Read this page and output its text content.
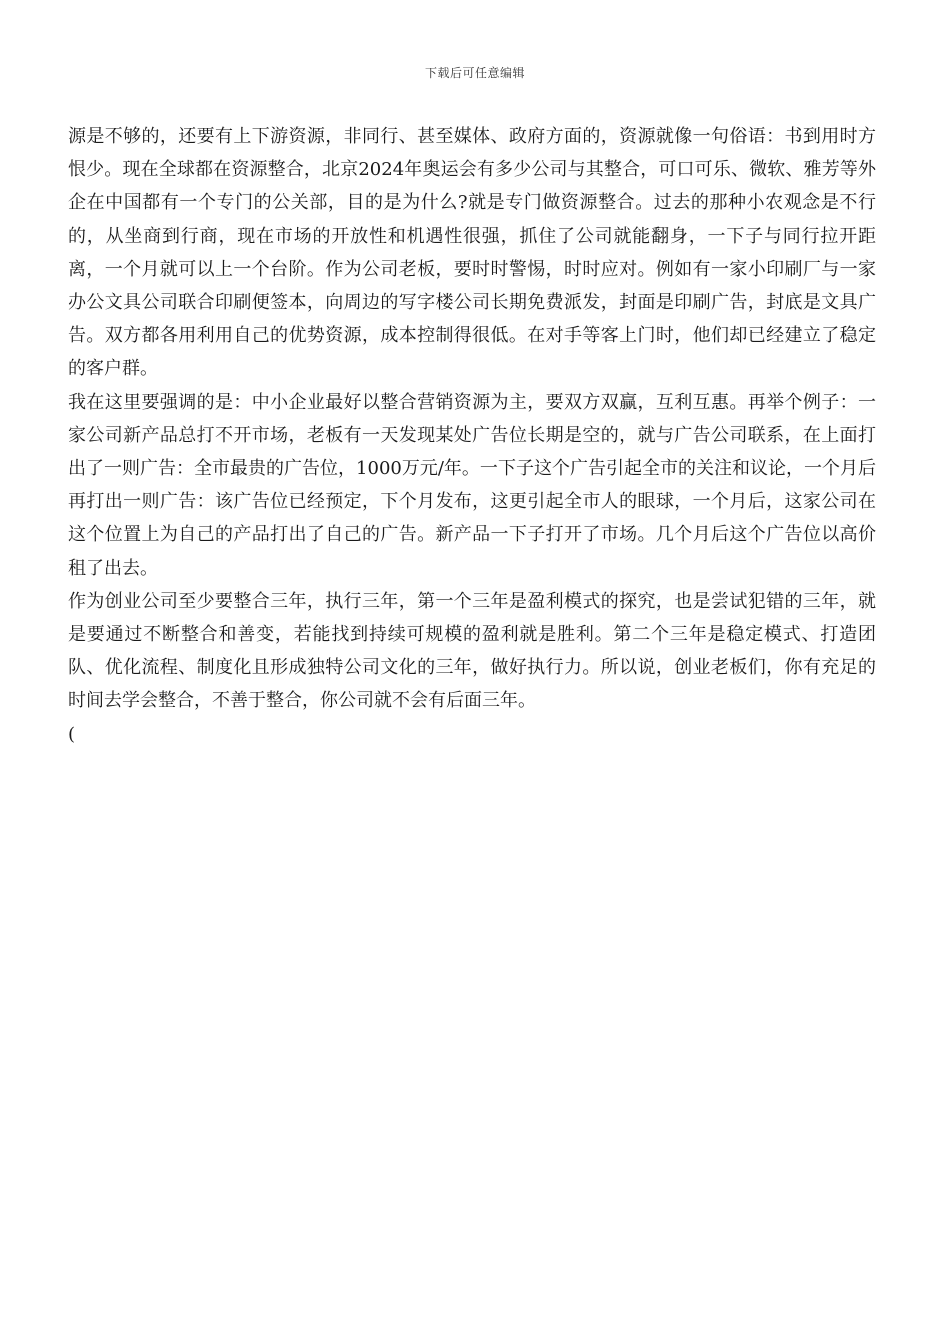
下载后可任意编辑

源是不够的，还要有上下游资源，非同行、甚至媒体、政府方面的，资源就像一句俗语：书到用时方恨少。现在全球都在资源整合，北京2024年奥运会有多少公司与其整合，可口可乐、微软、雅芳等外企在中国都有一个专门的公关部，目的是为什么?就是专门做资源整合。过去的那种小农观念是不行的，从坐商到行商，现在市场的开放性和机遇性很强，抓住了公司就能翻身，一下子与同行拉开距离，一个月就可以上一个台阶。作为公司老板，要时时警惕，时时应对。例如有一家小印刷厂与一家办公文具公司联合印刷便签本，向周边的写字楼公司长期免费派发，封面是印刷广告，封底是文具广告。双方都各用利用自己的优势资源，成本控制得很低。在对手等客上门时，他们却已经建立了稳定的客户群。

我在这里要强调的是：中小企业最好以整合营销资源为主，要双方双赢，互利互惠。再举个例子：一家公司新产品总打不开市场，老板有一天发现某处广告位长期是空的，就与广告公司联系，在上面打出了一则广告：全市最贵的广告位，1000万元/年。一下子这个广告引起全市的关注和议论，一个月后再打出一则广告：该广告位已经预定，下个月发布，这更引起全市人的眼球，一个月后，这家公司在这个位置上为自己的产品打出了自己的广告。新产品一下子打开了市场。几个月后这个广告位以高价租了出去。

作为创业公司至少要整合三年，执行三年，第一个三年是盈利模式的探究，也是尝试犯错的三年，就是要通过不断整合和善变，若能找到持续可规模的盈利就是胜利。第二个三年是稳定模式、打造团队、优化流程、制度化且形成独特公司文化的三年，做好执行力。所以说，创业老板们，你有充足的时间去学会整合，不善于整合，你公司就不会有后面三年。

(
